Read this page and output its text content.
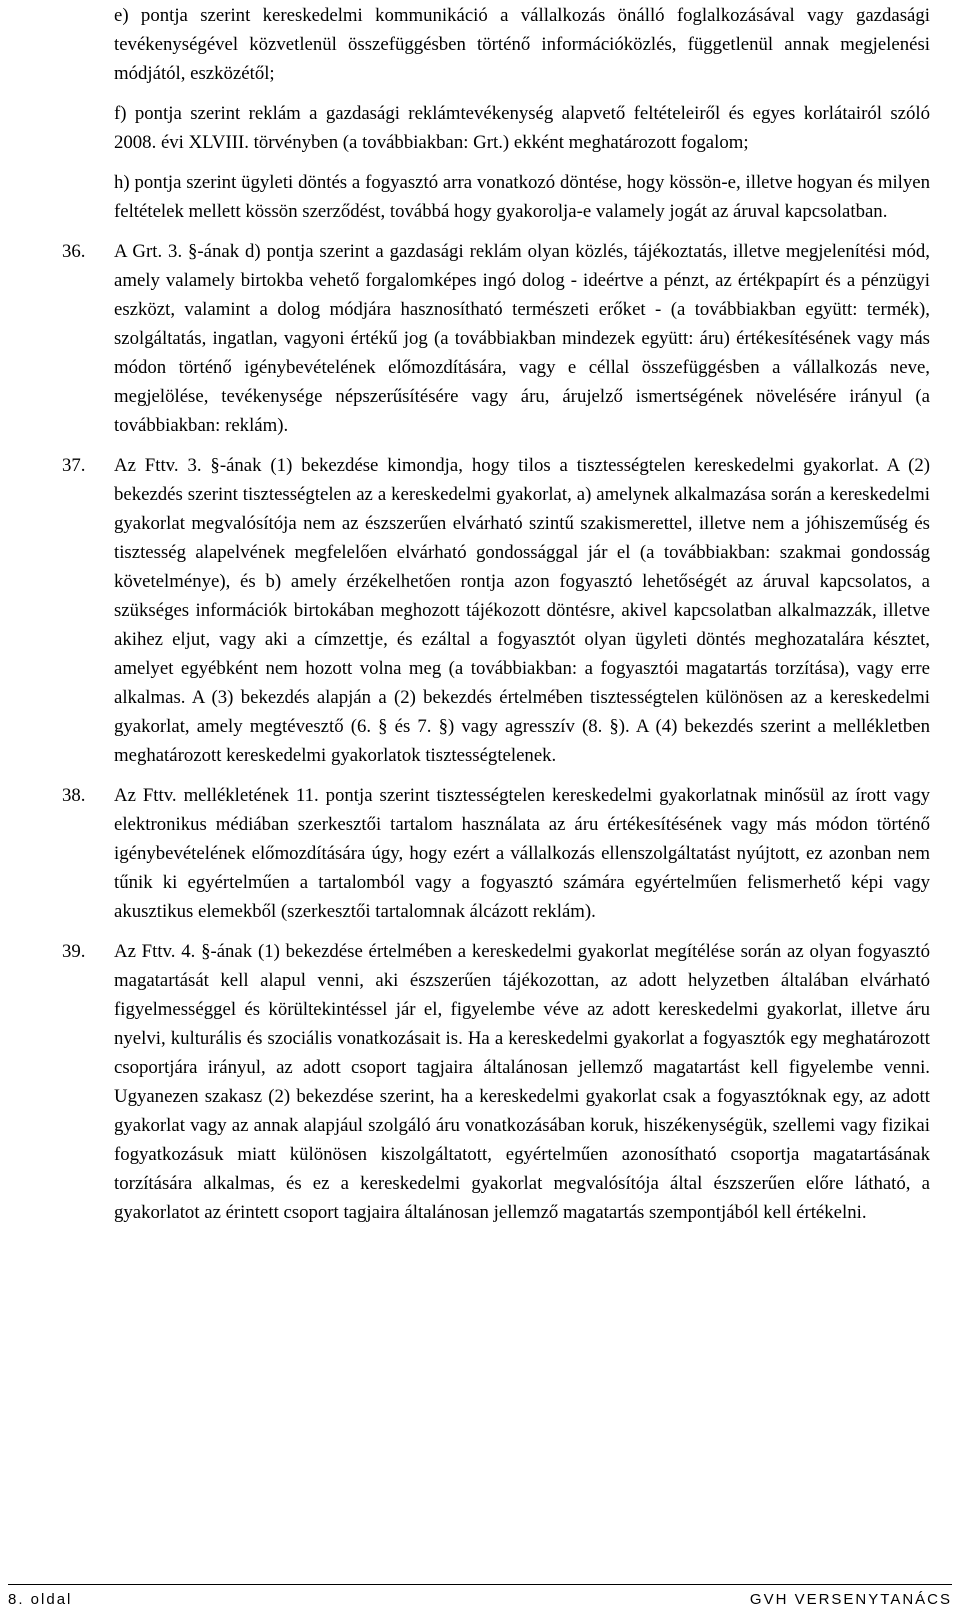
e) pontja szerint kereskedelmi kommunikáció a vállalkozás önálló foglalkozásával vagy gazdasági tevékenységével közvetlenül összefüggésben történő információközlés, függetlenül annak megjelenési módjától, eszközétől;
f) pontja szerint reklám a gazdasági reklámtevékenység alapvető feltételeiről és egyes korlátairól szóló 2008. évi XLVIII. törvényben (a továbbiakban: Grt.) ekként meghatározott fogalom;
h) pontja szerint ügyleti döntés a fogyasztó arra vonatkozó döntése, hogy kössön-e, illetve hogyan és milyen feltételek mellett kössön szerződést, továbbá hogy gyakorolja-e valamely jogát az áruval kapcsolatban.
36.	A Grt. 3. §-ának d) pontja szerint a gazdasági reklám olyan közlés, tájékoztatás, illetve megjelenítési mód, amely valamely birtokba vehető forgalomképes ingó dolog - ideértve a pénzt, az értékpapírt és a pénzügyi eszközt, valamint a dolog módjára hasznosítható természeti erőket - (a továbbiakban együtt: termék), szolgáltatás, ingatlan, vagyoni értékű jog (a továbbiakban mindezek együtt: áru) értékesítésének vagy más módon történő igénybevételének előmozdítására, vagy e céllal összefüggésben a vállalkozás neve, megjelölése, tevékenysége népszerűsítésére vagy áru, árujelző ismertségének növelésére irányul (a továbbiakban: reklám).
37.	Az Fttv. 3. §-ának (1) bekezdése kimondja, hogy tilos a tisztességtelen kereskedelmi gyakorlat. A (2) bekezdés szerint tisztességtelen az a kereskedelmi gyakorlat, a) amelynek alkalmazása során a kereskedelmi gyakorlat megvalósítója nem az észszerűen elvárható szintű szakismerettel, illetve nem a jóhiszeműség és tisztesség alapelvének megfelelően elvárható gondossággal jár el (a továbbiakban: szakmai gondosság követelménye), és b) amely érzékelhetően rontja azon fogyasztó lehetőségét az áruval kapcsolatos, a szükséges információk birtokában meghozott tájékozott döntésre, akivel kapcsolatban alkalmazzák, illetve akihez eljut, vagy aki a címzettje, és ezáltal a fogyasztót olyan ügyleti döntés meghozatalára késztet, amelyet egyébként nem hozott volna meg (a továbbiakban: a fogyasztói magatartás torzítása), vagy erre alkalmas. A (3) bekezdés alapján a (2) bekezdés értelmében tisztességtelen különösen az a kereskedelmi gyakorlat, amely megtévesztő (6. § és 7. §) vagy agresszív (8. §). A (4) bekezdés szerint a mellékletben meghatározott kereskedelmi gyakorlatok tisztességtelenek.
38.	Az Fttv. mellékletének 11. pontja szerint tisztességtelen kereskedelmi gyakorlatnak minősül az írott vagy elektronikus médiában szerkesztői tartalom használata az áru értékesítésének vagy más módon történő igénybevételének előmozdítására úgy, hogy ezért a vállalkozás ellenszolgáltatást nyújtott, ez azonban nem tűnik ki egyértelműen a tartalomból vagy a fogyasztó számára egyértelműen felismerhető képi vagy akusztikus elemekből (szerkesztői tartalomnak álcázott reklám).
39.	Az Fttv. 4. §-ának (1) bekezdése értelmében a kereskedelmi gyakorlat megítélése során az olyan fogyasztó magatartását kell alapul venni, aki észszerűen tájékozottan, az adott helyzetben általában elvárható figyelmességgel és körültekintéssel jár el, figyelembe véve az adott kereskedelmi gyakorlat, illetve áru nyelvi, kulturális és szociális vonatkozásait is. Ha a kereskedelmi gyakorlat a fogyasztók egy meghatározott csoportjára irányul, az adott csoport tagjaira általánosan jellemző magatartást kell figyelembe venni. Ugyanezen szakasz (2) bekezdése szerint, ha a kereskedelmi gyakorlat csak a fogyasztóknak egy, az adott gyakorlat vagy az annak alapjául szolgáló áru vonatkozásában koruk, hiszékenységük, szellemi vagy fizikai fogyatkozásuk miatt különösen kiszolgáltatott, egyértelműen azonosítható csoportja magatartásának torzítására alkalmas, és ez a kereskedelmi gyakorlat megvalósítója által észszerűen előre látható, a gyakorlatot az érintett csoport tagjaira általánosan jellemző magatartás szempontjából kell értékelni.
8. oldal	GVH VERSENYTANÁCS
